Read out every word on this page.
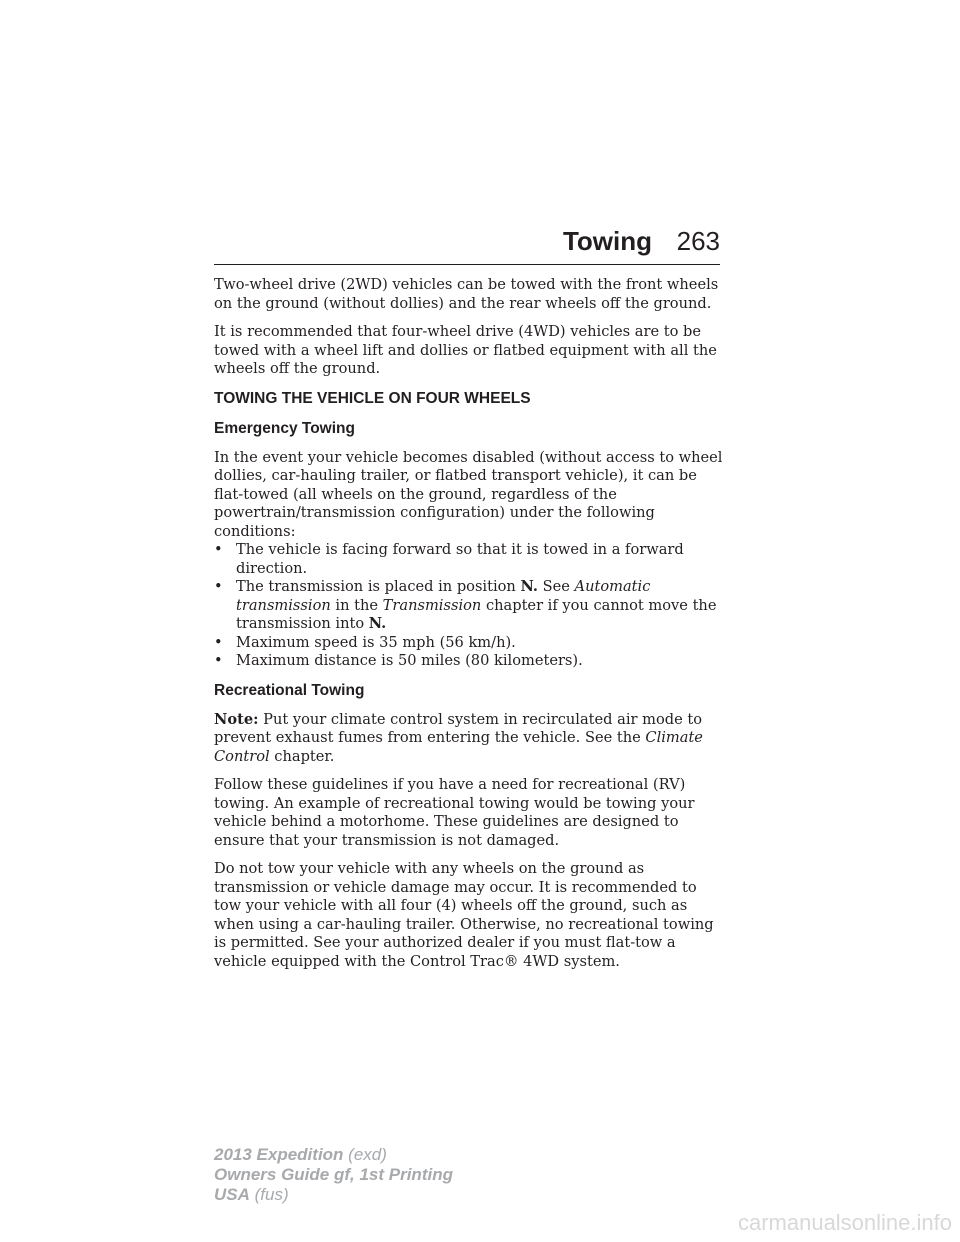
Towing 263

Two-wheel drive (2WD) vehicles can be towed with the front wheels on the ground (without dollies) and the rear wheels off the ground.

It is recommended that four-wheel drive (4WD) vehicles are to be towed with a wheel lift and dollies or flatbed equipment with all the wheels off the ground.

TOWING THE VEHICLE ON FOUR WHEELS
Emergency Towing

In the event your vehicle becomes disabled (without access to wheel dollies, car-hauling trailer, or flatbed transport vehicle), it can be flat-towed (all wheels on the ground, regardless of the powertrain/transmission configuration) under the following conditions:

• The vehicle is facing forward so that it is towed in a forward direction.
• The transmission is placed in position N. See Automatic transmission in the Transmission chapter if you cannot move the transmission into N.
• Maximum speed is 35 mph (56 km/h).
• Maximum distance is 50 miles (80 kilometers).
Recreational Towing

Note: Put your climate control system in recirculated air mode to prevent exhaust fumes from entering the vehicle. See the Climate Control chapter.

Follow these guidelines if you have a need for recreational (RV) towing. An example of recreational towing would be towing your vehicle behind a motorhome. These guidelines are designed to ensure that your transmission is not damaged.

Do not tow your vehicle with any wheels on the ground as transmission or vehicle damage may occur. It is recommended to tow your vehicle with all four (4) wheels off the ground, such as when using a car-hauling trailer. Otherwise, no recreational towing is permitted. See your authorized dealer if you must flat-tow a vehicle equipped with the Control Trac® 4WD system.

2013 Expedition (exd)
Owners Guide gf, 1st Printing
USA (fus)
carmanualsonline.info
